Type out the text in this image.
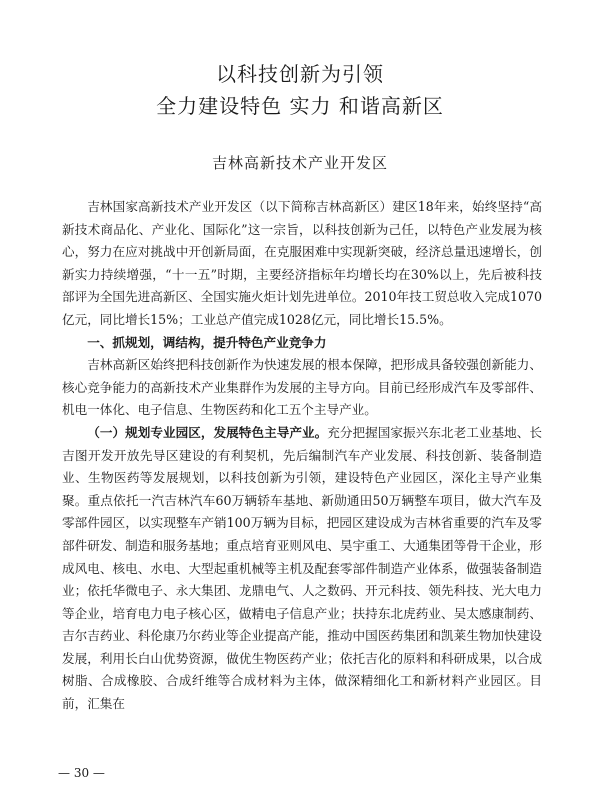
以科技创新为引领
全力建设特色 实力 和谐高新区
吉林高新技术产业开发区

吉林国家高新技术产业开发区（以下简称吉林高新区）建区18年来，始终坚持“高新技术商品化、产业化、国际化”这一宗旨，以科技创新为己任，以特色产业发展为核心，努力在应对挑战中开创新局面，在克服困难中实现新突破，经济总量迅速增长，创新实力持续增强，“十一五”时期，主要经济指标年均增长均在30%以上，先后被科技部评为全国先进高新区、全国实施火炬计划先进单位。2010年技工贸总收入完成1070亿元，同比增长15%；工业总产值完成1028亿元，同比增长15.5%。

一、抓规划，调结构，提升特色产业竞争力

吉林高新区始终把科技创新作为快速发展的根本保障，把形成具备较强创新能力、核心竞争能力的高新技术产业集群作为发展的主导方向。目前已经形成汽车及零部件、机电一体化、电子信息、生物医药和化工五个主导产业。

（一）规划专业园区，发展特色主导产业。充分把握国家振兴东北老工业基地、长吉图开发开放先导区建设的有利契机，先后编制汽车产业发展、科技创新、装备制造业、生物医药等发展规划，以科技创新为引领，建设特色产业园区，深化主导产业集聚。重点依托一汽吉林汽车60万辆轿车基地、新勋通田50万辆整车项目，做大汽车及零部件园区，以实现整车产销100万辆为目标，把园区建设成为吉林省重要的汽车及零部件研发、制造和服务基地；重点培育亚则风电、昊宇重工、大通集团等骨干企业，形成风电、核电、水电、大型起重机械等主机及配套零部件制造产业体系，做强装备制造业；依托华微电子、永大集团、龙鼎电气、人之数码、开元科技、领先科技、光大电力等企业，培育电力电子核心区，做精电子信息产业；扶持东北虎药业、吴太感康制药、吉尔吉药业、科伦康乃尔药业等企业提高产能，推动中国医药集团和凯莱生物加快建设发展，利用长白山优势资源，做优生物医药产业；依托吉化的原料和科研成果，以合成树脂、合成橡胶、合成纤维等合成材料为主体，做深精细化工和新材料产业园区。目前，汇集在

— 30 —
